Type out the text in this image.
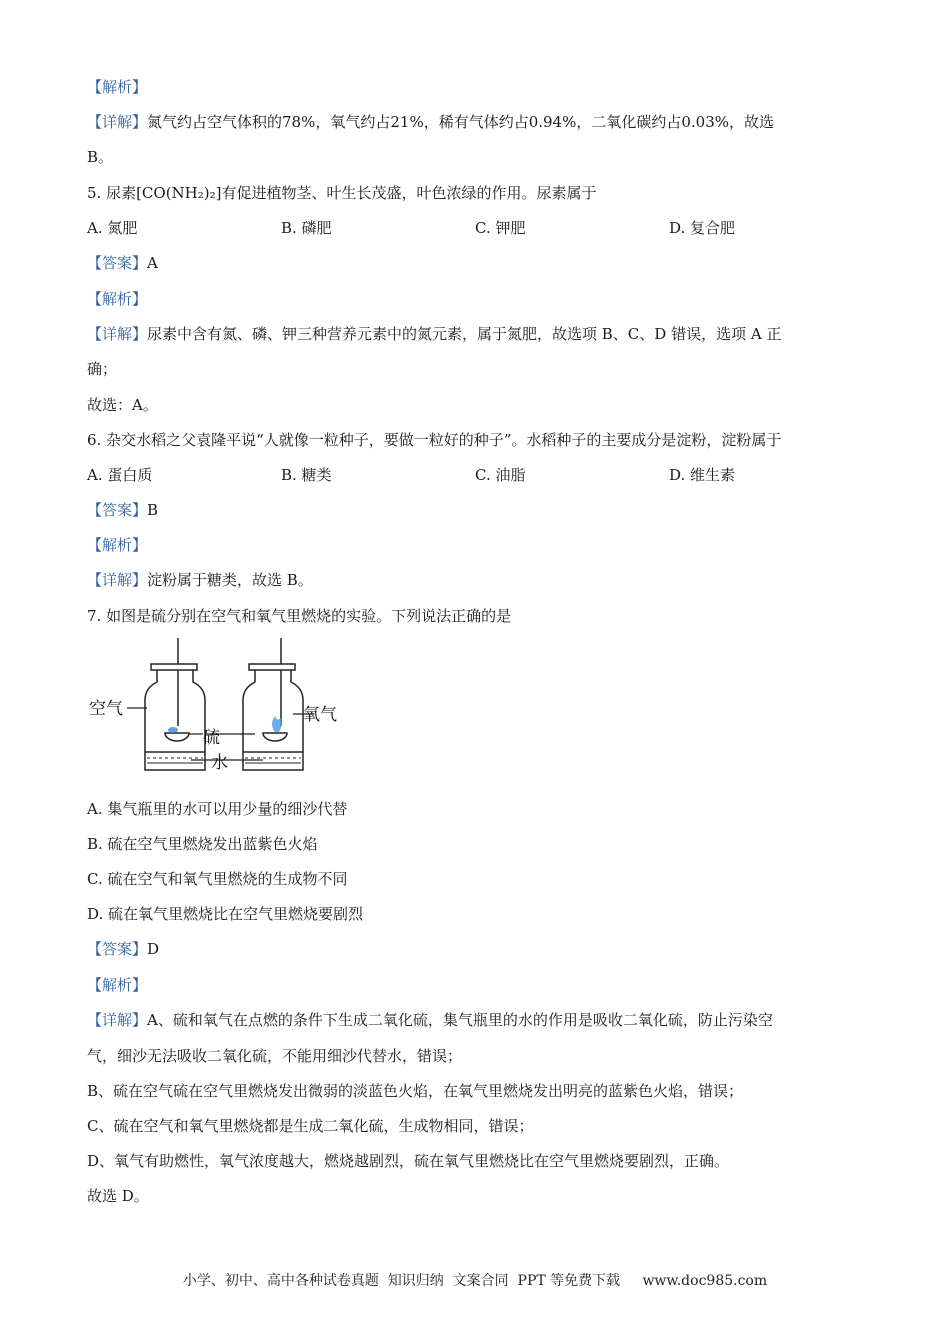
【解析】
【详解】氮气约占空气体积的78%，氧气约占21%，稀有气体约占0.94%，二氧化碳约占0.03%，故选
B。
5. 尿素[CO(NH₂)₂]有促进植物茎、叶生长茂盛，叶色浓绿的作用。尿素属于
A. 氮肥	B. 磷肥	C. 钾肥	D. 复合肥
【答案】A
【解析】
【详解】尿素中含有氮、磷、钾三种营养元素中的氮元素，属于氮肥，故选项 B、C、D 错误，选项 A 正
确；
故选：A。
6. 杂交水稻之父袁隆平说“人就像一粒种子，要做一粒好的种子”。水稻种子的主要成分是淀粉，淀粉属于
A. 蛋白质	B. 糖类	C. 油脂	D. 维生素
【答案】B
【解析】
【详解】淀粉属于糖类，故选 B。
7. 如图是硫分别在空气和氧气里燃烧的实验。下列说法正确的是
空气
硫
水
氧气
A. 集气瓶里的水可以用少量的细沙代替
B. 硫在空气里燃烧发出蓝紫色火焰
C. 硫在空气和氧气里燃烧的生成物不同
D. 硫在氧气里燃烧比在空气里燃烧要剧烈
【答案】D
【解析】
【详解】A、硫和氧气在点燃的条件下生成二氧化硫，集气瓶里的水的作用是吸收二氧化硫，防止污染空
气，细沙无法吸收二氧化硫，不能用细沙代替水，错误；
B、硫在空气硫在空气里燃烧发出微弱的淡蓝色火焰，在氧气里燃烧发出明亮的蓝紫色火焰，错误；
C、硫在空气和氧气里燃烧都是生成二氧化硫，生成物相同，错误；
D、氧气有助燃性，氧气浓度越大，燃烧越剧烈，硫在氧气里燃烧比在空气里燃烧要剧烈，正确。
故选 D。
小学、初中、高中各种试卷真题  知识归纳  文案合同  PPT 等免费下载     www.doc985.com
